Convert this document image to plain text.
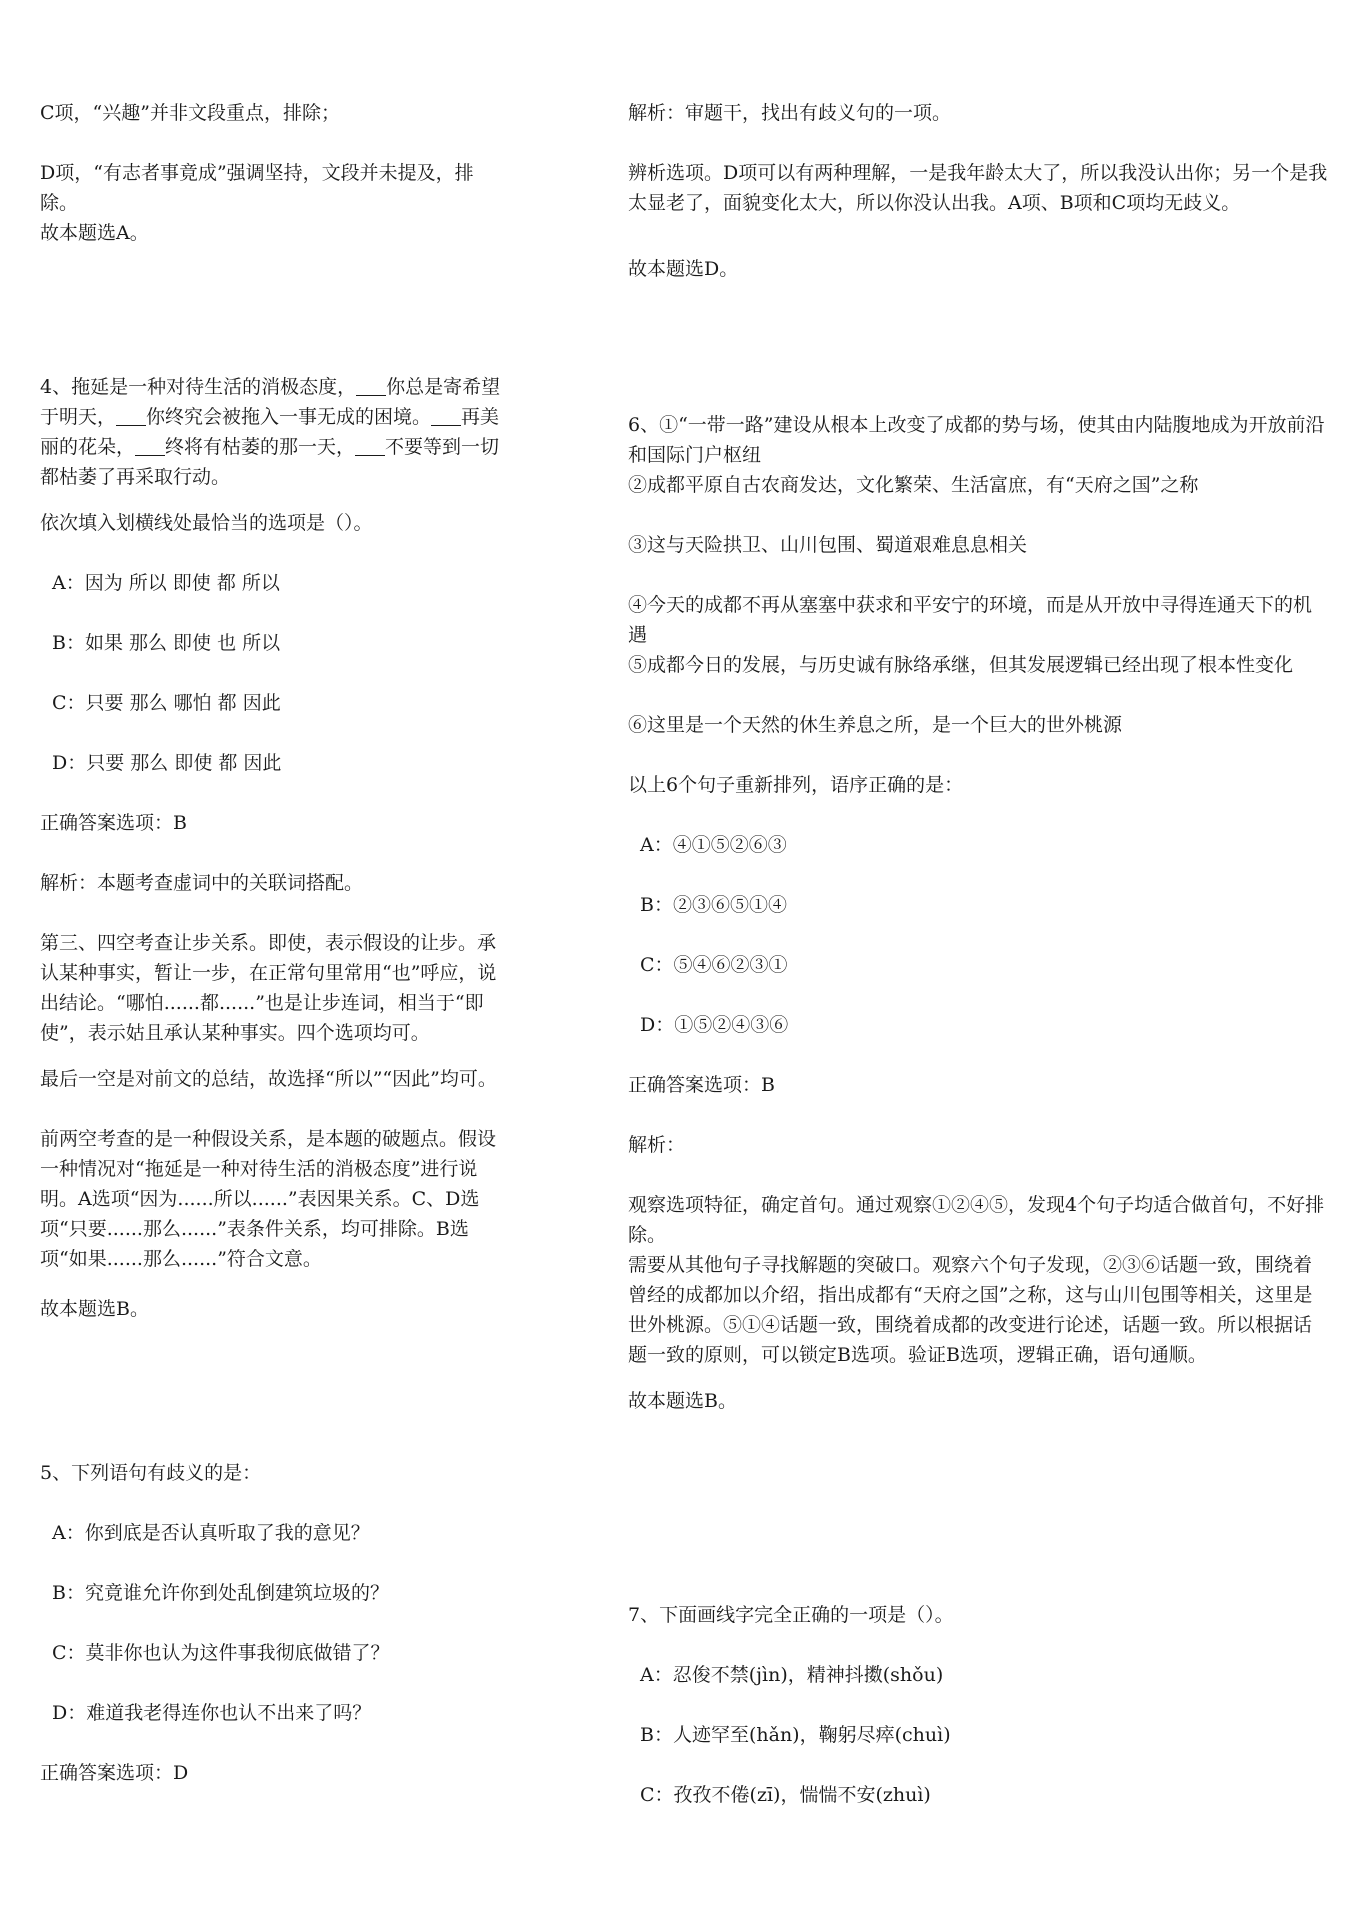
C项，“兴趣”并非文段重点，排除；

D项，“有志者事竟成”强调坚持，文段并未提及，排除。

故本题选A。

4、拖延是一种对待生活的消极态度， 你总是寄希望于明天， 你终究会被拖入一事无成的困境。 再美丽的花朵， 终将有枯萎的那一天， 不要等到一切都枯萎了再采取行动。

依次填入划横线处最恰当的选项是（）。

A：因为 所以 即使 都 所以

B：如果 那么 即使 也 所以

C：只要 那么 哪怕 都 因此

D：只要 那么 即使 都 因此

正确答案选项：B

解析：本题考查虚词中的关联词搭配。

第三、四空考查让步关系。即使，表示假设的让步。承认某种事实，暂让一步，在正常句里常用“也”呼应，说出结论。“哪怕......都......”也是让步连词，相当于“即使”，表示姑且承认某种事实。四个选项均可。

最后一空是对前文的总结，故选择“所以”“因此”均可。

前两空考查的是一种假设关系，是本题的破题点。假设一种情况对“拖延是一种对待生活的消极态度”进行说明。A选项“因为......所以......”表因果关系。C、D选项“只要......那么......”表条件关系，均可排除。B选项“如果......那么......”符合文意。

故本题选B。

5、下列语句有歧义的是：

A：你到底是否认真听取了我的意见？

B：究竟谁允许你到处乱倒建筑垃圾的？

C：莫非你也认为这件事我彻底做错了？

D：难道我老得连你也认不出来了吗？

正确答案选项：D

解析：审题干，找出有歧义句的一项。

辨析选项。D项可以有两种理解，一是我年龄太大了，所以我没认出你；另一个是我太显老了，面貌变化太大，所以你没认出我。A项、B项和C项均无歧义。

故本题选D。

6、①“一带一路”建设从根本上改变了成都的势与场，使其由内陆腹地成为开放前沿和国际门户枢纽

②成都平原自古农商发达，文化繁荣、生活富庶，有“天府之国”之称

③这与天险拱卫、山川包围、蜀道艰难息息相关

④今天的成都不再从塞塞中获求和平安宁的环境，而是从开放中寻得连通天下的机遇

⑤成都今日的发展，与历史诚有脉络承继，但其发展逻辑已经出现了根本性变化

⑥这里是一个天然的休生养息之所，是一个巨大的世外桃源

以上6个句子重新排列，语序正确的是：

A：④①⑤②⑥③

B：②③⑥⑤①④

C：⑤④⑥②③①

D：①⑤②④③⑥

正确答案选项：B

解析：

观察选项特征，确定首句。通过观察①②④⑤，发现4个句子均适合做首句，不好排除。

需要从其他句子寻找解题的突破口。观察六个句子发现，②③⑥话题一致，围绕着曾经的成都加以介绍，指出成都有“天府之国”之称，这与山川包围等相关，这里是世外桃源。⑤①④话题一致，围绕着成都的改变进行论述，话题一致。所以根据话题一致的原则，可以锁定B选项。验证B选项，逻辑正确，语句通顺。

故本题选B。

7、下面画线字完全正确的一项是（）。

A：忍俊不禁(jìn)，精神抖擞(shǒu)

B：人迹罕至(hǎn)，鞠躬尽瘁(chuì)

C：孜孜不倦(zī)，惴惴不安(zhuì)
